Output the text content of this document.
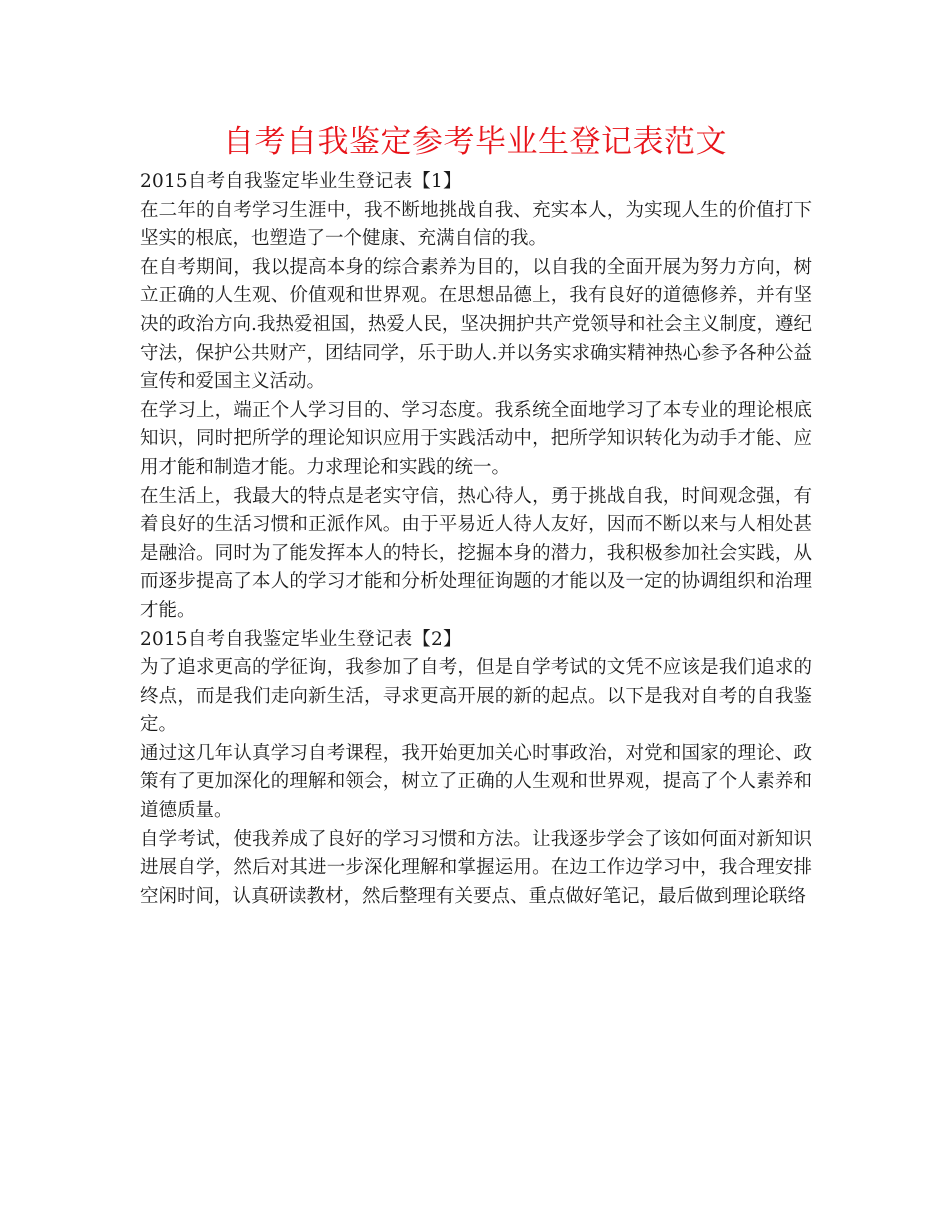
自考自我鉴定参考毕业生登记表范文

2015自考自我鉴定毕业生登记表【1】

在二年的自考学习生涯中，我不断地挑战自我、充实本人，为实现人生的价值打下坚实的根底，也塑造了一个健康、充满自信的我。

在自考期间，我以提高本身的综合素养为目的，以自我的全面开展为努力方向，树立正确的人生观、价值观和世界观。在思想品德上，我有良好的道德修养，并有坚决的政治方向.我热爱祖国，热爱人民，坚决拥护共产党领导和社会主义制度，遵纪守法，保护公共财产，团结同学，乐于助人.并以务实求确实精神热心参予各种公益宣传和爱国主义活动。

在学习上，端正个人学习目的、学习态度。我系统全面地学习了本专业的理论根底知识，同时把所学的理论知识应用于实践活动中，把所学知识转化为动手才能、应用才能和制造才能。力求理论和实践的统一。

在生活上，我最大的特点是老实守信，热心待人，勇于挑战自我，时间观念强，有着良好的生活习惯和正派作风。由于平易近人待人友好，因而不断以来与人相处甚是融洽。同时为了能发挥本人的特长，挖掘本身的潜力，我积极参加社会实践，从而逐步提高了本人的学习才能和分析处理征询题的才能以及一定的协调组织和治理才能。

2015自考自我鉴定毕业生登记表【2】

为了追求更高的学征询，我参加了自考，但是自学考试的文凭不应该是我们追求的终点，而是我们走向新生活，寻求更高开展的新的起点。以下是我对自考的自我鉴定。

通过这几年认真学习自考课程，我开始更加关心时事政治，对党和国家的理论、政策有了更加深化的理解和领会，树立了正确的人生观和世界观，提高了个人素养和道德质量。

自学考试，使我养成了良好的学习习惯和方法。让我逐步学会了该如何面对新知识进展自学，然后对其进一步深化理解和掌握运用。在边工作边学习中，我合理安排空闲时间，认真研读教材，然后整理有关要点、重点做好笔记，最后做到理论联络
